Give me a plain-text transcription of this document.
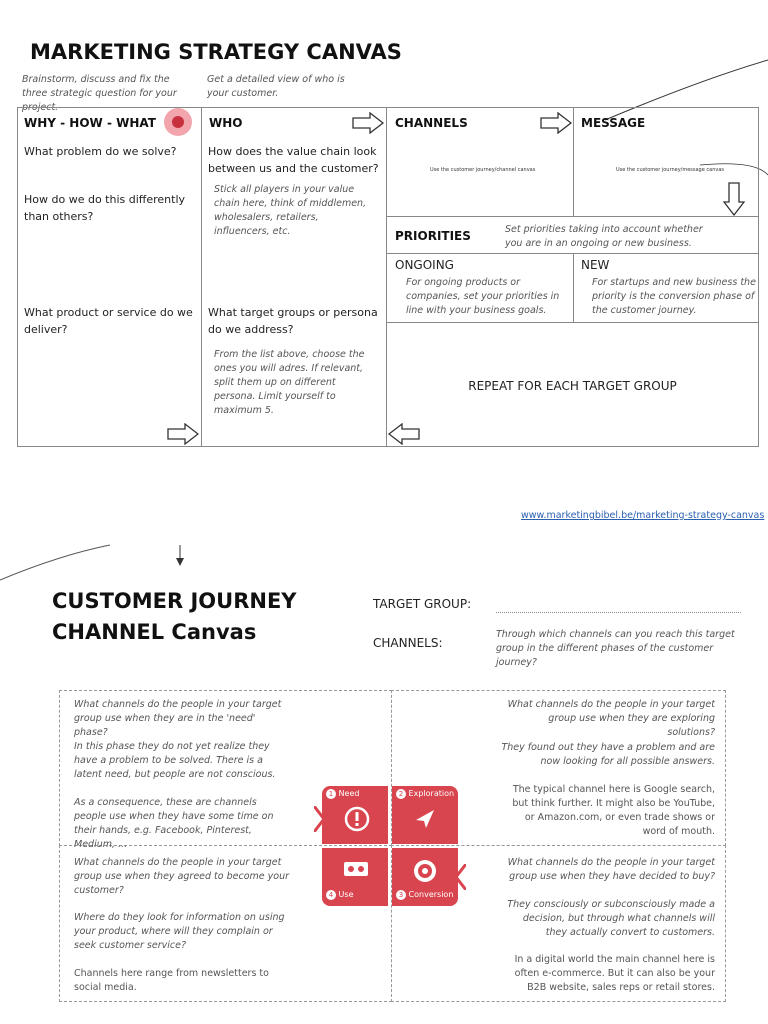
MARKETING STRATEGY CANVAS
Brainstorm, discuss and fix the three strategic question for your project.
Get a detailed view of who is your customer.
WHY - HOW - WHAT
What problem do we solve?
How do we do this differently than others?
What product or service do we deliver?
WHO
How does the value chain look between us and the customer?
Stick all players in your value chain here, think of middlemen, wholesalers, retailers, influencers, etc.
What target groups or persona do we address?
From the list above, choose the ones you will adres. If relevant, split them up on different persona. Limit yourself to maximum 5.
CHANNELS
Use the customer journey/channel canvas
MESSAGE
Use the customer journey/message canvas
PRIORITIES	Set priorities taking into account whether you are in an ongoing or new business.
ONGOING
For ongoing products or companies, set your priorities in line with your business goals.
NEW
For startups and new business the priority is the conversion phase of the customer journey.
REPEAT FOR EACH TARGET GROUP
www.marketingbibel.be/marketing-strategy-canvas
CUSTOMER JOURNEY
CHANNEL Canvas
TARGET GROUP:
CHANNELS:
Through which channels can you reach this target group in the different phases of the customer journey?
What channels do the people in your target group use when they are in the 'need' phase?
In this phase they do not yet realize they have a problem to be solved. There is a latent need, but people are not conscious.
As a consequence, these are channels people use when they have some time on their hands, e.g. Facebook, Pinterest, Medium, ...
What channels do the people in your target group use when they are exploring solutions?
They found out they have a problem and are now looking for all possible answers.
The typical channel here is Google search, but think further. It might also be YouTube, or Amazon.com, or even trade shows or word of mouth.
What channels do the people in your target group use when they agreed to become your customer?
Where do they look for information on using your product, where will they complain or seek customer service?
Channels here range from newsletters to social media.
What channels do the people in your target group use when they have decided to buy?
They consciously or subconsciously made a decision, but through what channels will they actually convert to customers.
In a digital world the main channel here is often e-commerce. But it can also be your B2B website, sales reps or retail stores.
1 Need	2 Exploration
4 Use	3 Conversion
